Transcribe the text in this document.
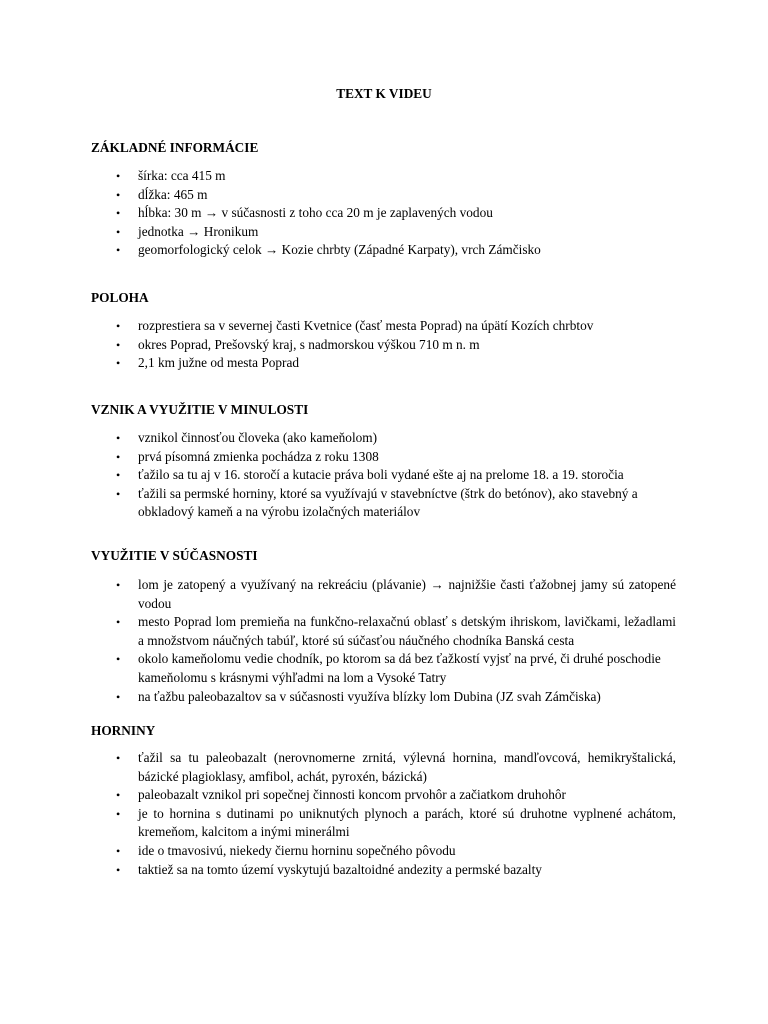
TEXT K VIDEU
ZÁKLADNÉ INFORMÁCIE
• šírka: cca 415 m
• dĺžka: 465 m
• hĺbka: 30 m → v súčasnosti z toho cca 20 m je zaplavených vodou
• jednotka → Hronikum
• geomorfologický celok → Kozie chrbty (Západné Karpaty), vrch Zámčisko
POLOHA
• rozprestiera sa v severnej časti Kvetnice (časť mesta Poprad) na úpätí Kozích chrbtov
• okres Poprad, Prešovský kraj, s nadmorskou výškou 710 m n. m
• 2,1 km južne od mesta Poprad
VZNIK A VYUŽITIE V MINULOSTI
• vznikol činnosťou človeka (ako kameňolom)
• prvá písomná zmienka pochádza z roku 1308
• ťažilo sa tu aj v 16. storočí a kutacie práva boli vydané ešte aj na prelome 18. a 19. storočia
• ťažili sa permské horniny, ktoré sa využívajú v stavebníctve (štrk do betónov), ako stavebný a obkladový kameň a na výrobu izolačných materiálov
VYUŽITIE V SÚČASNOSTI
• lom je zatopený a využívaný na rekreáciu (plávanie) → najnižšie časti ťažobnej jamy sú zatopené vodou
• mesto Poprad lom premieňa na funkčno-relaxačnú oblasť s detským ihriskom, lavičkami, ležadlami a množstvom náučných tabúľ, ktoré sú súčasťou náučného chodníka Banská cesta
• okolo kameňolomu vedie chodník, po ktorom sa dá bez ťažkostí vyjsť na prvé, či druhé poschodie kameňolomu s krásnymi výhľadmi na lom a Vysoké Tatry
• na ťažbu paleobazaltov sa v súčasnosti využíva blízky lom Dubina (JZ svah Zámčiska)
HORNINY
• ťažil sa tu paleobazalt (nerovnomerne zrnitá, výlevná hornina, mandľovcová, hemikryštalická, bázické plagioklasy, amfibol, achát, pyroxén, bázická)
• paleobazalt vznikol pri sopečnej činnosti koncom prvohôr a začiatkom druhohôr
• je to hornina s dutinami po uniknutých plynoch a parách, ktoré sú druhotne vyplnené achátom, kremeňom, kalcitom a inými minerálmi
• ide o tmavosivú, niekedy čiernu horninu sopečného pôvodu
• taktiež sa na tomto území vyskytujú bazaltoidné andezity a permské bazalty
